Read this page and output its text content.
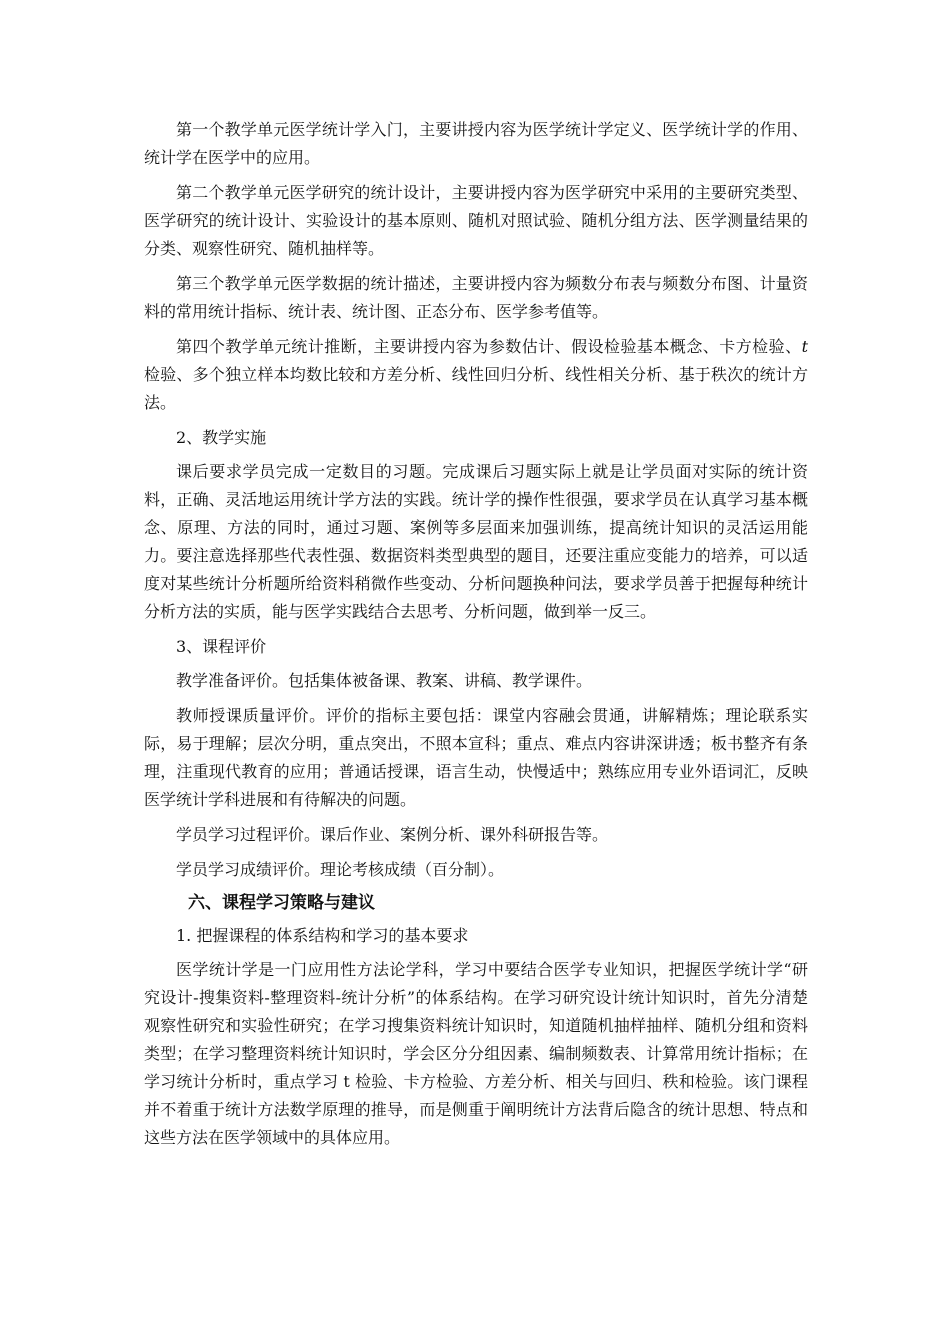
第一个教学单元医学统计学入门，主要讲授内容为医学统计学定义、医学统计学的作用、统计学在医学中的应用。

第二个教学单元医学研究的统计设计，主要讲授内容为医学研究中采用的主要研究类型、医学研究的统计设计、实验设计的基本原则、随机对照试验、随机分组方法、医学测量结果的分类、观察性研究、随机抽样等。

第三个教学单元医学数据的统计描述，主要讲授内容为频数分布表与频数分布图、计量资料的常用统计指标、统计表、统计图、正态分布、医学参考值等。

第四个教学单元统计推断，主要讲授内容为参数估计、假设检验基本概念、卡方检验、t 检验、多个独立样本均数比较和方差分析、线性回归分析、线性相关分析、基于秩次的统计方法。

2、教学实施

课后要求学员完成一定数目的习题。完成课后习题实际上就是让学员面对实际的统计资料，正确、灵活地运用统计学方法的实践。统计学的操作性很强，要求学员在认真学习基本概念、原理、方法的同时，通过习题、案例等多层面来加强训练，提高统计知识的灵活运用能力。要注意选择那些代表性强、数据资料类型典型的题目，还要注重应变能力的培养，可以适度对某些统计分析题所给资料稍微作些变动、分析问题换种问法，要求学员善于把握每种统计分析方法的实质，能与医学实践结合去思考、分析问题，做到举一反三。

3、课程评价

教学准备评价。包括集体被备课、教案、讲稿、教学课件。

教师授课质量评价。评价的指标主要包括：课堂内容融会贯通，讲解精炼；理论联系实际，易于理解；层次分明，重点突出，不照本宣科；重点、难点内容讲深讲透；板书整齐有条理，注重现代教育的应用；普通话授课，语言生动，快慢适中；熟练应用专业外语词汇，反映医学统计学科进展和有待解决的问题。

学员学习过程评价。课后作业、案例分析、课外科研报告等。

学员学习成绩评价。理论考核成绩（百分制）。

六、课程学习策略与建议

1. 把握课程的体系结构和学习的基本要求

医学统计学是一门应用性方法论学科，学习中要结合医学专业知识，把握医学统计学“研究设计-搜集资料-整理资料-统计分析”的体系结构。在学习研究设计统计知识时，首先分清楚观察性研究和实验性研究；在学习搜集资料统计知识时，知道随机抽样抽样、随机分组和资料类型；在学习整理资料统计知识时，学会区分分组因素、编制频数表、计算常用统计指标；在学习统计分析时，重点学习 t 检验、卡方检验、方差分析、相关与回归、秩和检验。该门课程并不着重于统计方法数学原理的推导，而是侧重于阐明统计方法背后隐含的统计思想、特点和这些方法在医学领域中的具体应用。
